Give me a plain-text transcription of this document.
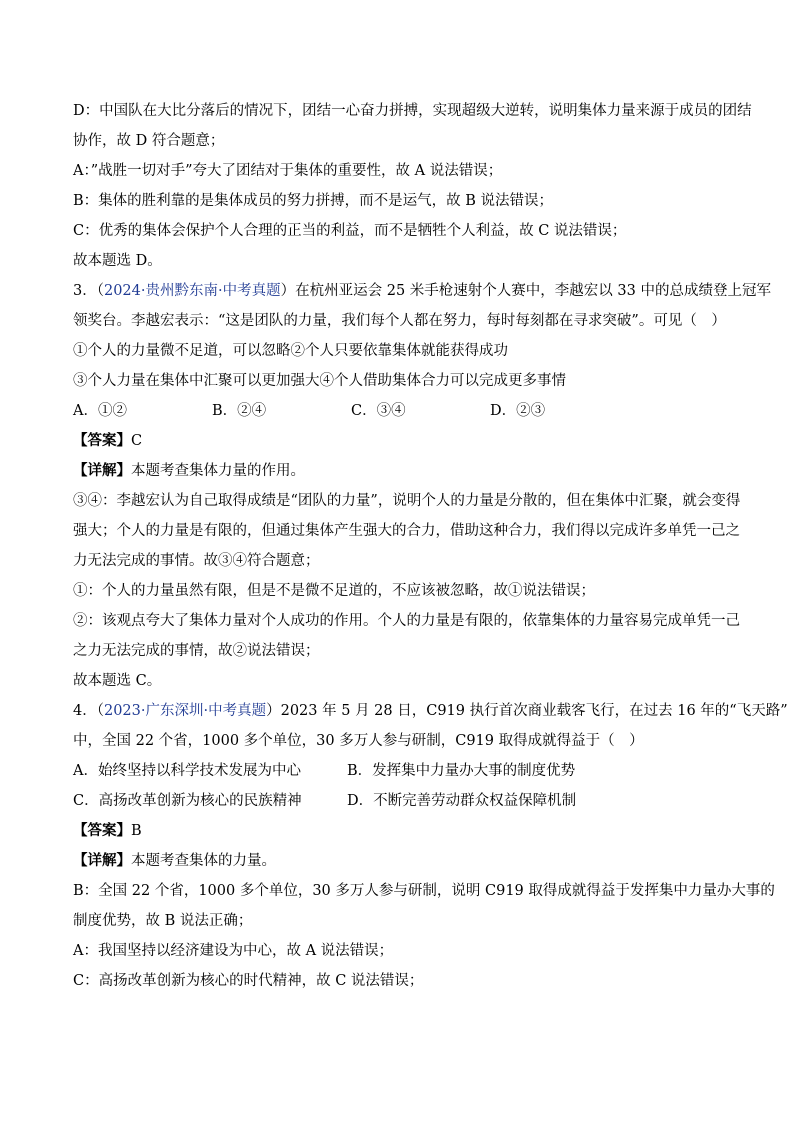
D：中国队在大比分落后的情况下，团结一心奋力拼搏，实现超级大逆转，说明集体力量来源于成员的团结
协作，故 D 符合题意；
A：”战胜一切对手”夸大了团结对于集体的重要性，故 A 说法错误；
B：集体的胜利靠的是集体成员的努力拼搏，而不是运气，故 B 说法错误；
C：优秀的集体会保护个人合理的正当的利益，而不是牺牲个人利益，故 C 说法错误；
故本题选 D。
3．（2024·贵州黔东南·中考真题）在杭州亚运会 25 米手枪速射个人赛中，李越宏以 33 中的总成绩登上冠军
领奖台。李越宏表示：“这是团队的力量，我们每个人都在努力，每时每刻都在寻求突破”。可见（　）
①个人的力量微不足道，可以忽略②个人只要依靠集体就能获得成功
③个人力量在集体中汇聚可以更加强大④个人借助集体合力可以完成更多事情
A．①②	B．②④	C．③④	D．②③
【答案】C
【详解】本题考查集体力量的作用。
③④：李越宏认为自己取得成绩是“团队的力量”，说明个人的力量是分散的，但在集体中汇聚，就会变得
强大；个人的力量是有限的，但通过集体产生强大的合力，借助这种合力，我们得以完成许多单凭一己之
力无法完成的事情。故③④符合题意；
①：个人的力量虽然有限，但是不是微不足道的，不应该被忽略，故①说法错误；
②：该观点夸大了集体力量对个人成功的作用。个人的力量是有限的，依靠集体的力量容易完成单凭一己
之力无法完成的事情，故②说法错误；
故本题选 C。
4．（2023·广东深圳·中考真题）2023 年 5 月 28 日，C919 执行首次商业载客飞行，在过去 16 年的“飞天路”
中，全国 22 个省，1000 多个单位，30 多万人参与研制，C919 取得成就得益于（　）
A．始终坚持以科学技术发展为中心	B．发挥集中力量办大事的制度优势
C．高扬改革创新为核心的民族精神	D．不断完善劳动群众权益保障机制
【答案】B
【详解】本题考查集体的力量。
B：全国 22 个省，1000 多个单位，30 多万人参与研制，说明 C919 取得成就得益于发挥集中力量办大事的
制度优势，故 B 说法正确；
A：我国坚持以经济建设为中心，故 A 说法错误；
C：高扬改革创新为核心的时代精神，故 C 说法错误；
